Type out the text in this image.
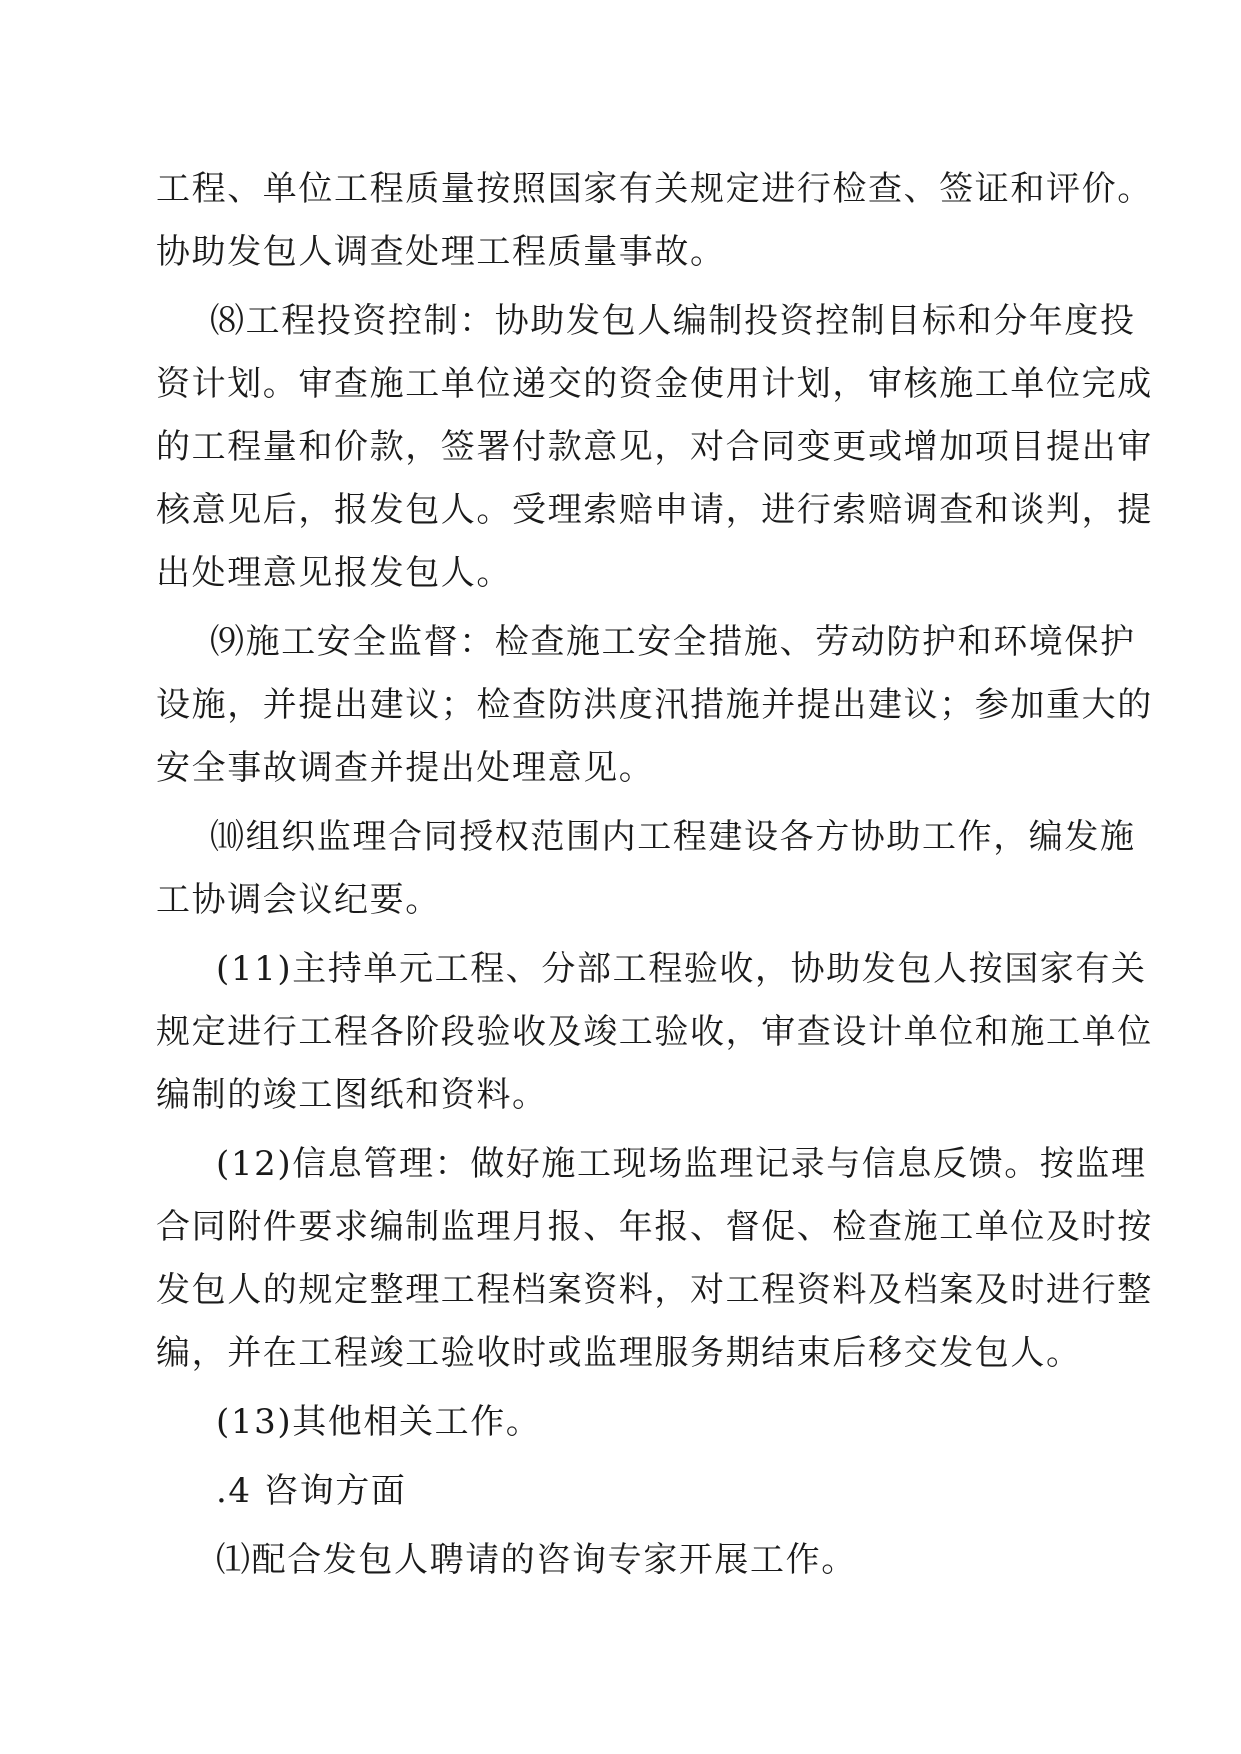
工程、单位工程质量按照国家有关规定进行检查、签证和评价。

协助发包人调查处理工程质量事故。

⑻工程投资控制：协助发包人编制投资控制目标和分年度投

资计划。审查施工单位递交的资金使用计划，审核施工单位完成

的工程量和价款，签署付款意见，对合同变更或增加项目提出审

核意见后，报发包人。受理索赔申请，进行索赔调查和谈判，提

出处理意见报发包人。

⑼施工安全监督：检查施工安全措施、劳动防护和环境保护

设施，并提出建议；检查防洪度汛措施并提出建议；参加重大的

安全事故调查并提出处理意见。

⑽组织监理合同授权范围内工程建设各方协助工作，编发施

工协调会议纪要。

(11)主持单元工程、分部工程验收，协助发包人按国家有关

规定进行工程各阶段验收及竣工验收，审查设计单位和施工单位

编制的竣工图纸和资料。

(12)信息管理：做好施工现场监理记录与信息反馈。按监理

合同附件要求编制监理月报、年报、督促、检查施工单位及时按

发包人的规定整理工程档案资料，对工程资料及档案及时进行整

编，并在工程竣工验收时或监理服务期结束后移交发包人。

(13)其他相关工作。

.4 咨询方面

⑴配合发包人聘请的咨询专家开展工作。
